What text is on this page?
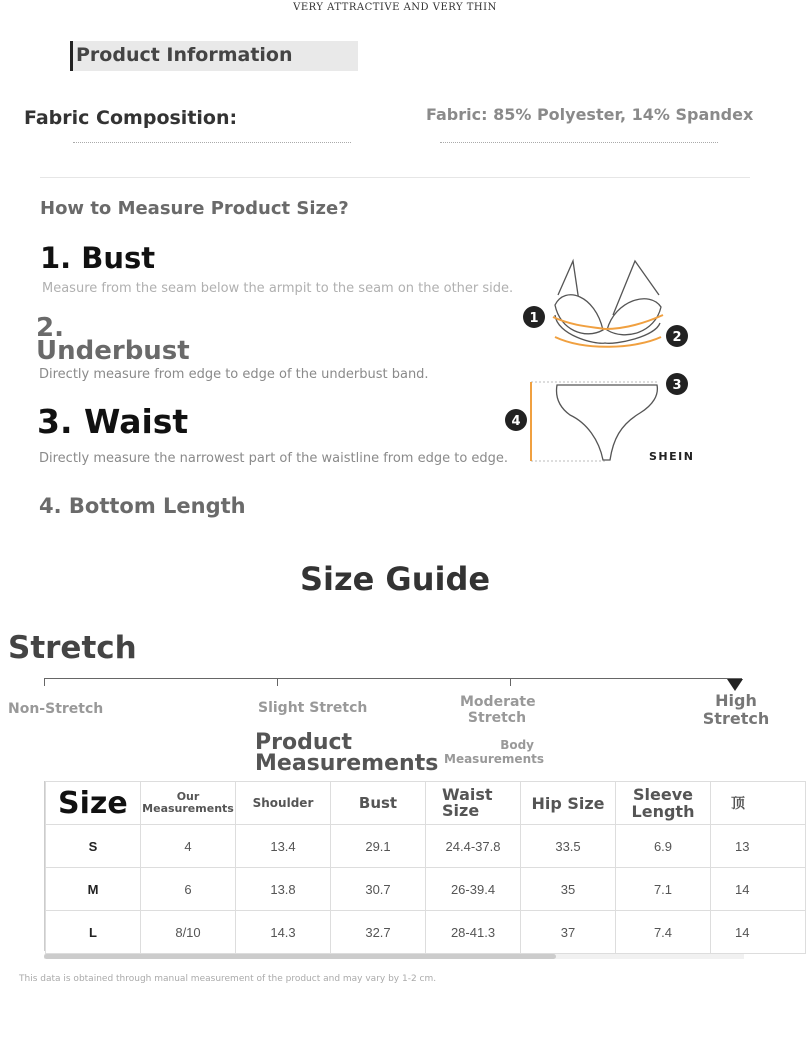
VERY ATTRACTIVE AND VERY THIN
Product Information
Fabric Composition:	Fabric: 85% Polyester, 14% Spandex
How to Measure Product Size?
1. Bust
Measure from the seam below the armpit to the seam on the other side.
2.
Underbust
Directly measure from edge to edge of the underbust band.
3. Waist
Directly measure the narrowest part of the waistline from edge to edge.
4. Bottom Length
1
2
3
4
SHEIN
Size Guide
Stretch
Non-Stretch	Slight Stretch	Moderate Stretch
High Stretch
Product Measurements
Body Measurements
Size	Our Measurements	Shoulder	Bust	Waist Size	Hip Size	Sleeve Length	顶
S	4	13.4	29.1	24.4-37.8	33.5	6.9	13
M	6	13.8	30.7	26-39.4	35	7.1	14
L	8/10	14.3	32.7	28-41.3	37	7.4	14
This data is obtained through manual measurement of the product and may vary by 1-2 cm.
